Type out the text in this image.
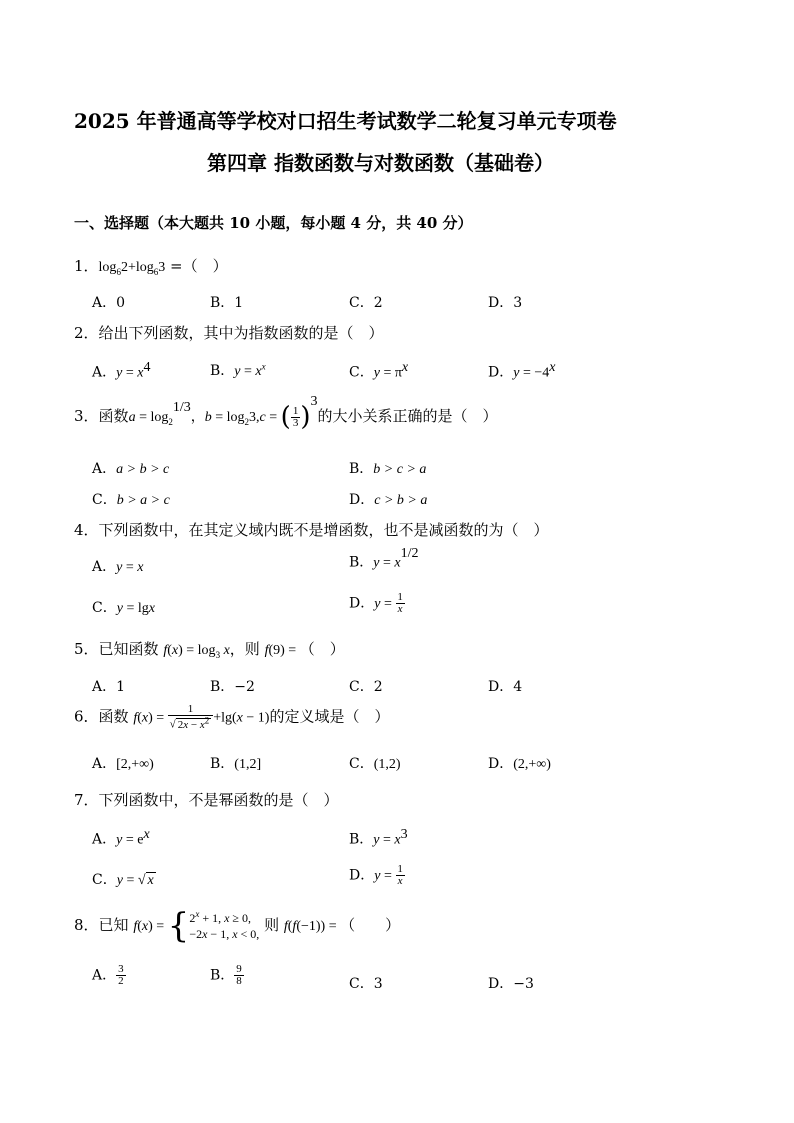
2025 年普通高等学校对口招生考试数学二轮复习单元专项卷
第四章 指数函数与对数函数（基础卷）
一、选择题（本大题共 10 小题，每小题 4 分，共 40 分）
1．$\log_62+\log_63$ =（　）
A．0	B．1	C．2	D．3
2．给出下列函数，其中为指数函数的是（　）
A．$y = x^4$	B．$y = x^x$	C．$y = \pi^x$	D．$y = -4^x$
3．函数$a = \log_2^{1/3}$，$b = \log_23,c$ = ( $\frac{1}{3} )^3$的大小关系正确的是（　）
A．a > b > c	B．b > c > a
C．b > a > c	D．c > b > a
4．下列函数中，在其定义域内既不是增函数，也不是减函数的为（　）
A．y = x	B．$y = x^{1/2}$
C．y = lgx	D．$y = \frac{1}{x}$
5．已知函数 $f(x) = \log_3 x$，则 f(9) = （　）
A．1	B．−2	C．2	D．4
6．函数 $f(x) = \frac{1}{√ 2x - x^2} +\lg(x - 1)$的定义域是（　）
A．[2,+∞)	B．(1,2]	C．(1,2)	D．(2,+∞)
7．下列函数中，不是幂函数的是（　）
A．$y = e^x$	B．$y = x^3$
C．y = √ x	D．$y = \frac{1}{x}$
8．已知 f(x) = { $2^x + 1$, x ≥ 0,
−2x − 1, x < 0, 则 f(f(−1)) = （　　）
A． $\frac{3}{2}$	B． $\frac{9}{8}$	C．3	D．−3
